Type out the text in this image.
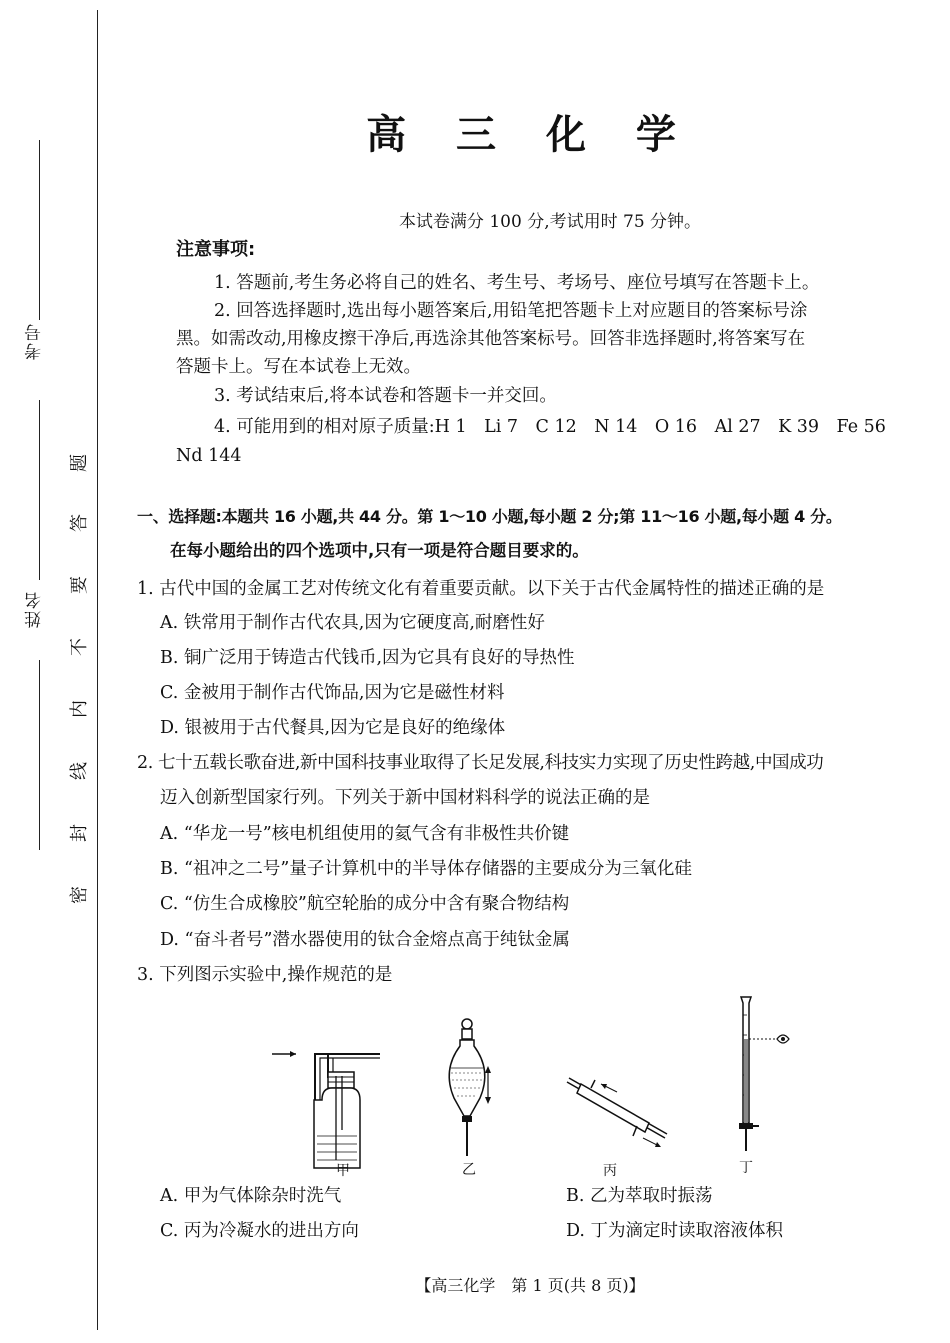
考号
姓名
题
答
要
不
内
线
封
密
高 三 化 学
本试卷满分 100 分,考试用时 75 分钟。
注意事项:
1. 答题前,考生务必将自己的姓名、考生号、考场号、座位号填写在答题卡上。
2. 回答选择题时,选出每小题答案后,用铅笔把答题卡上对应题目的答案标号涂
黑。如需改动,用橡皮擦干净后,再选涂其他答案标号。回答非选择题时,将答案写在
答题卡上。写在本试卷上无效。
3. 考试结束后,将本试卷和答题卡一并交回。
4. 可能用到的相对原子质量:H 1　Li 7　C 12　N 14　O 16　Al 27　K 39　Fe 56
Nd 144
一、选择题:本题共 16 小题,共 44 分。第 1～10 小题,每小题 2 分;第 11～16 小题,每小题 4 分。
在每小题给出的四个选项中,只有一项是符合题目要求的。
1. 古代中国的金属工艺对传统文化有着重要贡献。以下关于古代金属特性的描述正确的是
A. 铁常用于制作古代农具,因为它硬度高,耐磨性好
B. 铜广泛用于铸造古代钱币,因为它具有良好的导热性
C. 金被用于制作古代饰品,因为它是磁性材料
D. 银被用于古代餐具,因为它是良好的绝缘体
2. 七十五载长歌奋进,新中国科技事业取得了长足发展,科技实力实现了历史性跨越,中国成功
迈入创新型国家行列。下列关于新中国材料科学的说法正确的是
A. “华龙一号”核电机组使用的氦气含有非极性共价键
B. “祖冲之二号”量子计算机中的半导体存储器的主要成分为三氧化硅
C. “仿生合成橡胶”航空轮胎的成分中含有聚合物结构
D. “奋斗者号”潜水器使用的钛合金熔点高于纯钛金属
3. 下列图示实验中,操作规范的是
甲	乙	丙	丁
A. 甲为气体除杂时洗气	B. 乙为萃取时振荡
C. 丙为冷凝水的进出方向	D. 丁为滴定时读取溶液体积
【高三化学　第 1 页(共 8 页)】
